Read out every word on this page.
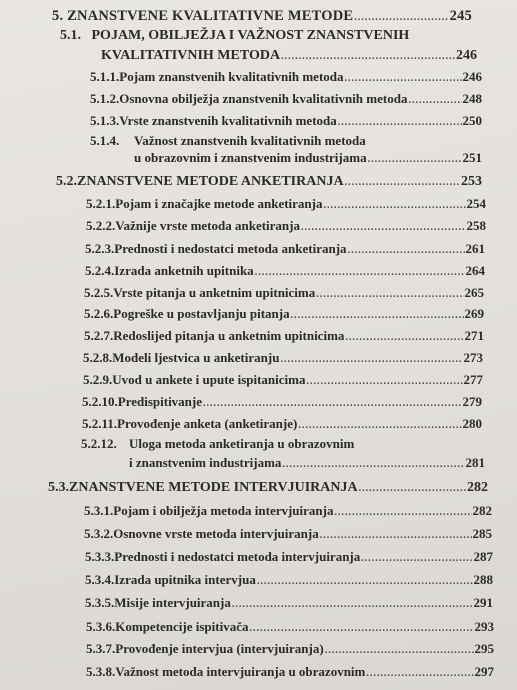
5. ZNANSTVENE KVALITATIVNE METODE .....	245
5.1. POJAM, OBILJEŽJA I VAŽNOST ZNANSTVENIH
KVALITATIVNIH METODA .....	246
5.1.1. Pojam znanstvenih kvalitativnih metoda .....	246
5.1.2. Osnovna obilježja znanstvenih kvalitativnih metoda .....	248
5.1.3. Vrste znanstvenih kvalitativnih metoda .....	250
5.1.4. Važnost znanstvenih kvalitativnih metoda
u obrazovnim i znanstvenim industrijama .....	251
5.2. ZNANSTVENE METODE ANKETIRANJA .....	253
5.2.1. Pojam i značajke metode anketiranja .....	254
5.2.2. Važnije vrste metoda anketiranja .....	258
5.2.3. Prednosti i nedostatci metoda anketiranja .....	261
5.2.4. Izrada anketnih upitnika .....	264
5.2.5. Vrste pitanja u anketnim upitnicima .....	265
5.2.6. Pogreške u postavljanju pitanja .....	269
5.2.7. Redoslijed pitanja u anketnim upitnicima .....	271
5.2.8. Modeli ljestvica u anketiranju .....	273
5.2.9. Uvod u ankete i upute ispitanicima .....	277
5.2.10. Predispitivanje .....	279
5.2.11. Provođenje anketa (anketiranje) .....	280
5.2.12. Uloga metoda anketiranja u obrazovnim
i znanstvenim industrijama .....	281
5.3. ZNANSTVENE METODE INTERVJUIRANJA .....	282
5.3.1. Pojam i obilježja metoda intervjuiranja .....	282
5.3.2. Osnovne vrste metoda intervjuiranja .....	285
5.3.3. Prednosti i nedostatci metoda intervjuiranja .....	287
5.3.4. Izrada upitnika intervjua .....	288
5.3.5. Misije intervjuiranja .....	291
5.3.6. Kompetencije ispitivača .....	293
5.3.7. Provođenje intervjua (intervjuiranja) .....	295
5.3.8. Važnost metoda intervjuiranja u obrazovnim .....	297
